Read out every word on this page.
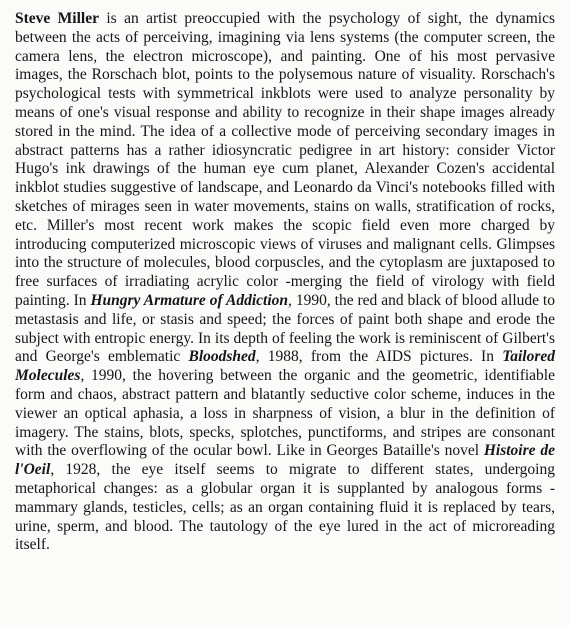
Steve Miller is an artist preoccupied with the psychology of sight, the dynamics between the acts of perceiving, imagining via lens systems (the computer screen, the camera lens, the electron microscope), and painting. One of his most pervasive images, the Rorschach blot, points to the polysemous nature of visuality. Rorschach's psychological tests with symmetrical inkblots were used to analyze personality by means of one's visual response and ability to recognize in their shape images already stored in the mind. The idea of a collective mode of perceiving secondary images in abstract patterns has a rather idiosyncratic pedigree in art history: consider Victor Hugo's ink drawings of the human eye cum planet, Alexander Cozen's accidental inkblot studies suggestive of landscape, and Leonardo da Vinci's notebooks filled with sketches of mirages seen in water movements, stains on walls, stratification of rocks, etc. Miller's most recent work makes the scopic field even more charged by introducing computerized microscopic views of viruses and malignant cells. Glimpses into the structure of molecules, blood corpuscles, and the cytoplasm are juxtaposed to free surfaces of irradiating acrylic color -merging the field of virology with field painting. In Hungry Armature of Addiction, 1990, the red and black of blood allude to metastasis and life, or stasis and speed; the forces of paint both shape and erode the subject with entropic energy. In its depth of feeling the work is reminiscent of Gilbert's and George's emblematic Bloodshed, 1988, from the AIDS pictures. In Tailored Molecules, 1990, the hovering between the organic and the geometric, identifiable form and chaos, abstract pattern and blatantly seductive color scheme, induces in the viewer an optical aphasia, a loss in sharpness of vision, a blur in the definition of imagery. The stains, blots, specks, splotches, punctiforms, and stripes are consonant with the overflowing of the ocular bowl. Like in Georges Bataille's novel Histoire de l'Oeil, 1928, the eye itself seems to migrate to different states, undergoing metaphorical changes: as a globular organ it is supplanted by analogous forms -mammary glands, testicles, cells; as an organ containing fluid it is replaced by tears, urine, sperm, and blood. The tautology of the eye lured in the act of microreading itself.
